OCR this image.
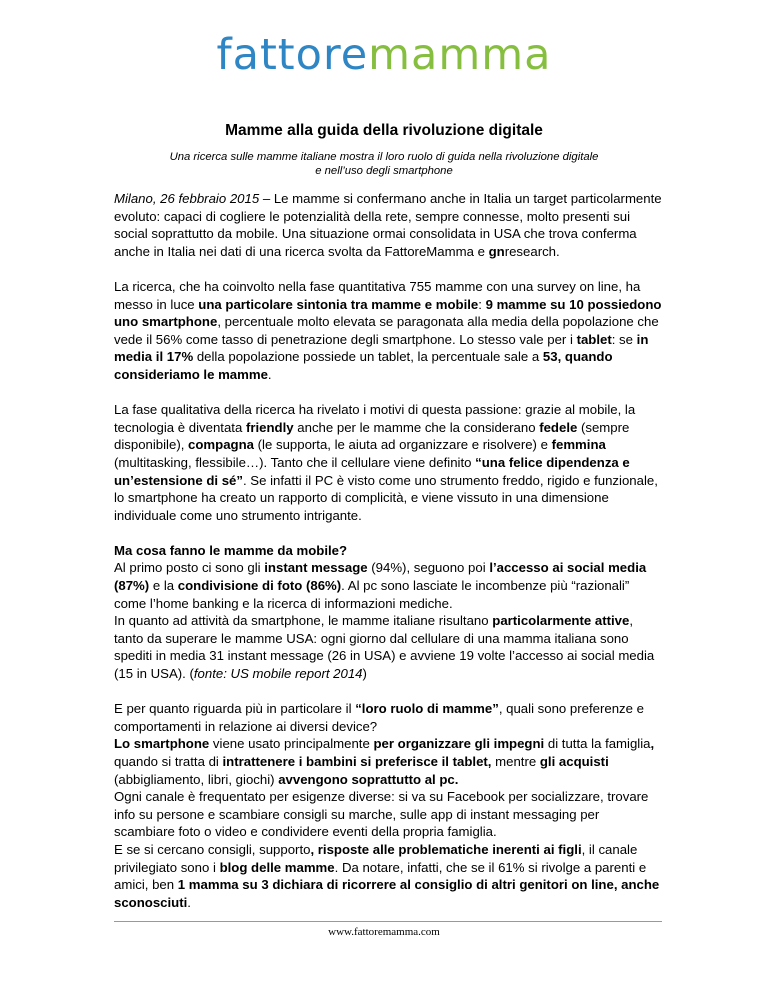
fattoremamma
Mamme alla guida della rivoluzione digitale
Una ricerca sulle mamme italiane mostra il loro ruolo di guida nella rivoluzione digitale
e nell’uso degli smartphone

Milano, 26 febbraio 2015 – Le mamme si confermano anche in Italia un target particolarmente evoluto: capaci di cogliere le potenzialità della rete, sempre connesse, molto presenti sui social soprattutto da mobile. Una situazione ormai consolidata in USA che trova conferma anche in Italia nei dati di una ricerca svolta da FattoreMamma e gnresearch.

La ricerca, che ha coinvolto nella fase quantitativa 755 mamme con una survey on line, ha messo in luce una particolare sintonia tra mamme e mobile: 9 mamme su 10 possiedono uno smartphone, percentuale molto elevata se paragonata alla media della popolazione che vede il 56% come tasso di penetrazione degli smartphone. Lo stesso vale per i tablet: se in media il 17% della popolazione possiede un tablet, la percentuale sale a 53, quando consideriamo le mamme.

La fase qualitativa della ricerca ha rivelato i motivi di questa passione: grazie al mobile, la tecnologia è diventata friendly anche per le mamme che la considerano fedele (sempre disponibile), compagna (le supporta, le aiuta ad organizzare e risolvere) e femmina (multitasking, flessibile…). Tanto che il cellulare viene definito “una felice dipendenza e un’estensione di sé”. Se infatti il PC è visto come uno strumento freddo, rigido e funzionale, lo smartphone ha creato un rapporto di complicità, e viene vissuto in una dimensione individuale come uno strumento intrigante.

Ma cosa fanno le mamme da mobile?
Al primo posto ci sono gli instant message (94%), seguono poi l’accesso ai social media (87%) e la condivisione di foto (86%). Al pc sono lasciate le incombenze più “razionali” come l’home banking e la ricerca di informazioni mediche.
In quanto ad attività da smartphone, le mamme italiane risultano particolarmente attive, tanto da superare le mamme USA: ogni giorno dal cellulare di una mamma italiana sono spediti in media 31 instant message (26 in USA) e avviene 19 volte l’accesso ai social media (15 in USA). (fonte: US mobile report 2014)

E per quanto riguarda più in particolare il “loro ruolo di mamme”, quali sono preferenze e comportamenti in relazione ai diversi device?
Lo smartphone viene usato principalmente per organizzare gli impegni di tutta la famiglia, quando si tratta di intrattenere i bambini si preferisce il tablet, mentre gli acquisti (abbigliamento, libri, giochi) avvengono soprattutto al pc.
Ogni canale è frequentato per esigenze diverse: si va su Facebook per socializzare, trovare info su persone e scambiare consigli su marche, sulle app di instant messaging per scambiare foto o video e condividere eventi della propria famiglia.
E se si cercano consigli, supporto, risposte alle problematiche inerenti ai figli, il canale privilegiato sono i blog delle mamme. Da notare, infatti, che se il 61% si rivolge a parenti e amici, ben 1 mamma su 3 dichiara di ricorrere al consiglio di altri genitori on line, anche sconosciuti.

www.fattoremamma.com
